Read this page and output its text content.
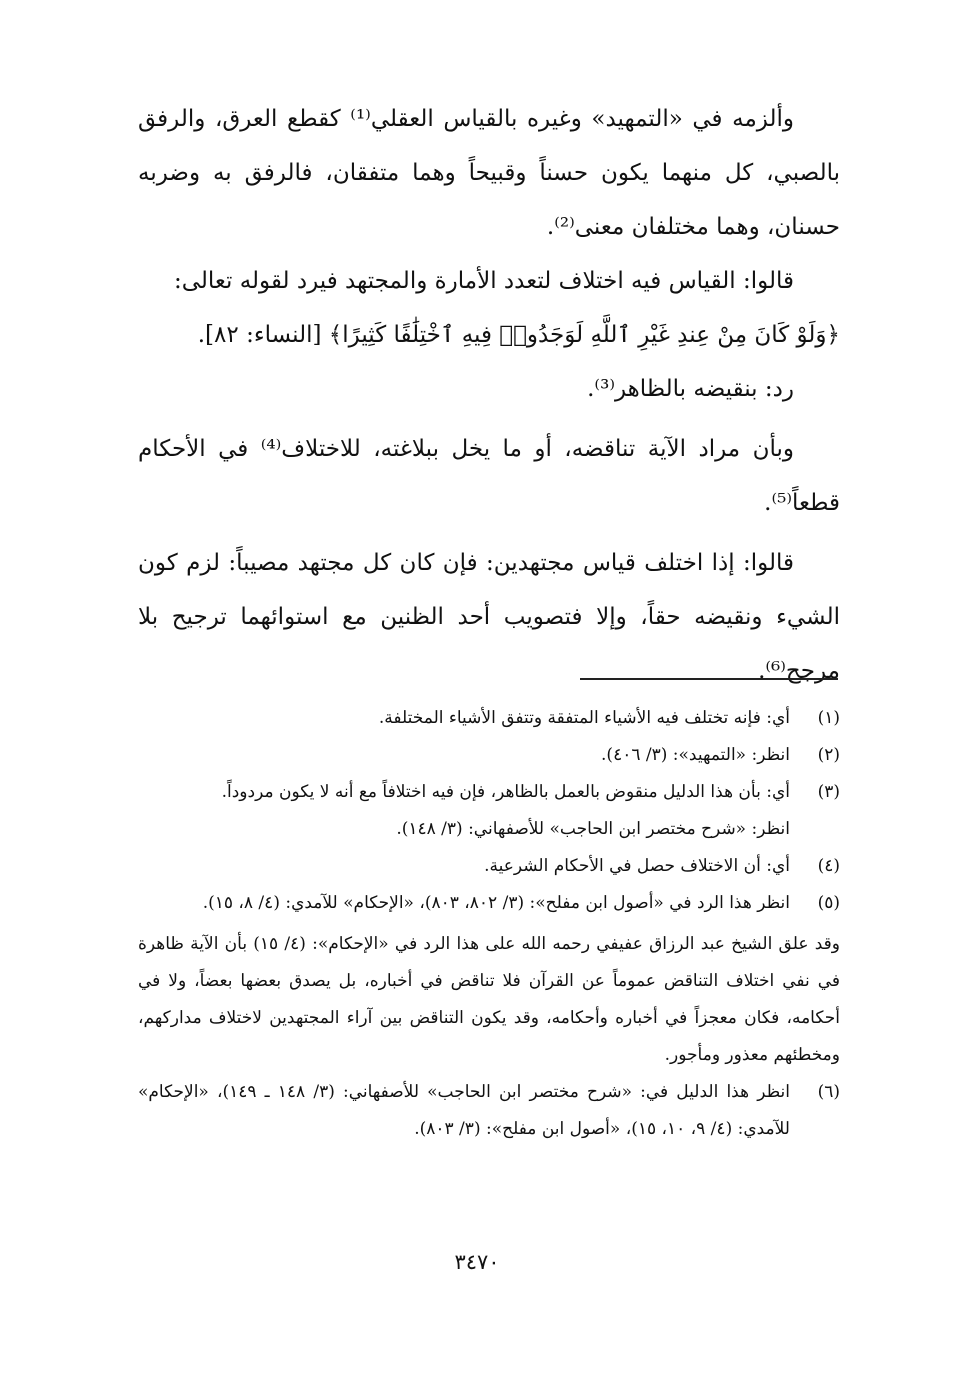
وألزمه في «التمهيد» وغيره بالقياس العقلي⁽¹⁾ كقطع العرق، والرفق بالصبي، كل منهما يكون حسناً وقبيحاً وهما متفقان، فالرفق به وضربه حسنان، وهما مختلفان معنى⁽²⁾.

قالوا: القياس فيه اختلاف لتعدد الأمارة والمجتهد فيرد لقوله تعالى:

﴿وَلَوْ كَانَ مِنْ عِندِ غَيْرِ ٱللَّهِ لَوَجَدُوا۟ فِيهِ ٱخْتِلَٰفًا كَثِيرًا﴾ [النساء: ٨٢].

رد: بنقيضه بالظاهر⁽³⁾.

وبأن مراد الآية تناقضه، أو ما يخل ببلاغته، للاختلاف⁽⁴⁾ في الأحكام قطعاً⁽⁵⁾.

قالوا: إذا اختلف قياس مجتهدين: فإن كان كل مجتهد مصيباً: لزم كون الشيء ونقيضه حقاً، وإلا فتصويب أحد الظنين مع استوائهما ترجيح بلا مرجح⁽⁶⁾.

(١)

أي: فإنه تختلف فيه الأشياء المتفقة وتتفق الأشياء المختلفة.

(٢)

انظر: «التمهيد»: (٣/ ٤٠٦).

(٣)
أي: بأن هذا الدليل منقوض بالعمل بالظاهر، فإن فيه اختلافاً مع أنه لا يكون مردوداً.
انظر: «شرح مختصر ابن الحاجب» للأصفهاني: (٣/ ١٤٨).
(٤)

أي: أن الاختلاف حصل في الأحكام الشرعية.

(٥)

انظر هذا الرد في «أصول ابن مفلح»: (٣/ ٨٠٢، ٨٠٣)، «الإحكام» للآمدي: (٤/ ٨، ١٥).

وقد علق الشيخ عبد الرزاق عفيفي رحمه الله على هذا الرد في «الإحكام»: (٤/ ١٥) بأن الآية ظاهرة في نفي اختلاف التناقض عموماً عن القرآن فلا تناقض في أخباره، بل يصدق بعضها بعضاً، ولا في أحكامه، فكان معجزاً في أخباره وأحكامه، وقد يكون التناقض بين آراء المجتهدين لاختلاف مداركهم، ومخطئهم معذور ومأجور.

(٦)

انظر هذا الدليل في: «شرح مختصر ابن الحاجب» للأصفهاني: (٣/ ١٤٨ ـ ١٤٩)، «الإحكام» للآمدي: (٤/ ٩، ١٠، ١٥)، «أصول ابن مفلح»: (٣/ ٨٠٣).

٣٤٧٠
